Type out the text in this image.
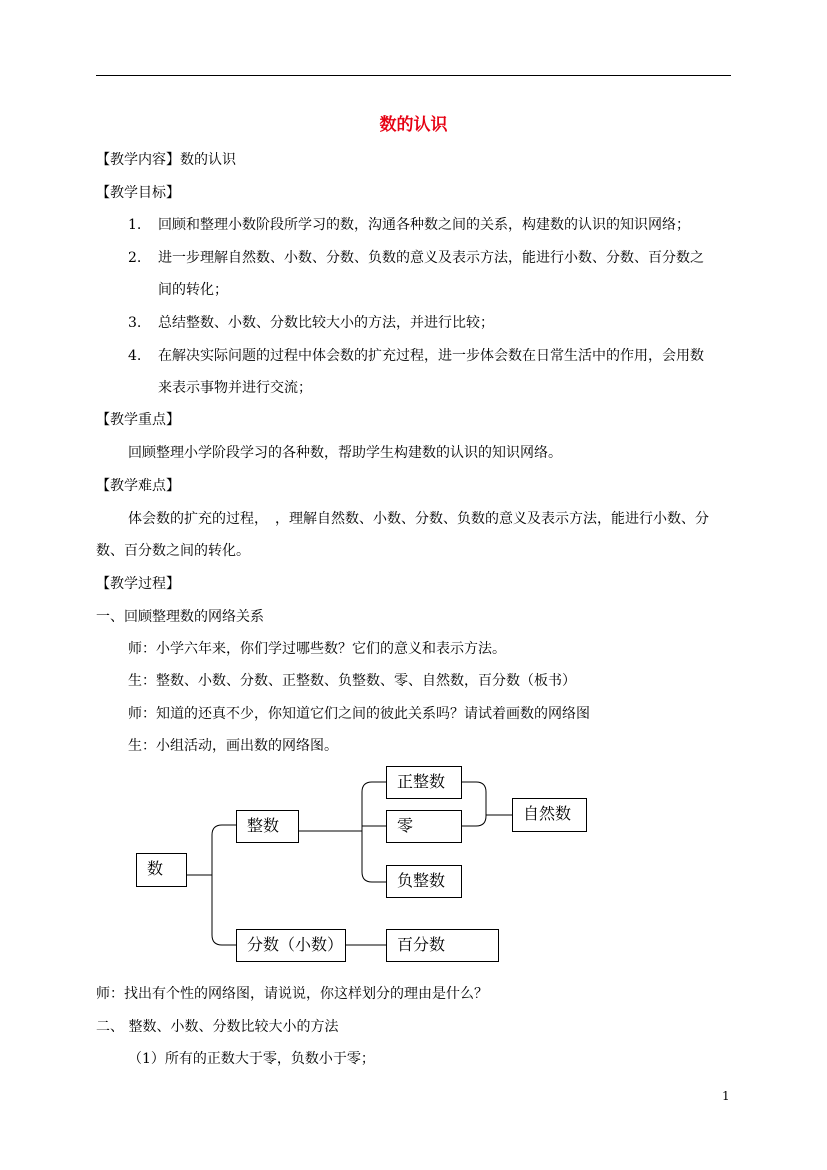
数的认识
【教学内容】数的认识
【教学目标】
1. 回顾和整理小数阶段所学习的数，沟通各种数之间的关系，构建数的认识的知识网络；
2. 进一步理解自然数、小数、分数、负数的意义及表示方法，能进行小数、分数、百分数之
间的转化；
3. 总结整数、小数、分数比较大小的方法，并进行比较；
4. 在解决实际问题的过程中体会数的扩充过程，进一步体会数在日常生活中的作用，会用数
来表示事物并进行交流；
【教学重点】
回顾整理小学阶段学习的各种数，帮助学生构建数的认识的知识网络。
【教学难点】
体会数的扩充的过程，　，理解自然数、小数、分数、负数的意义及表示方法，能进行小数、分
数、百分数之间的转化。
【教学过程】
一、回顾整理数的网络关系
师：小学六年来，你们学过哪些数？它们的意义和表示方法。
生：整数、小数、分数、正整数、负整数、零、自然数，百分数（板书）
师：知道的还真不少，你知道它们之间的彼此关系吗？请试着画数的网络图
生：小组活动，画出数的网络图。
数
整数
正整数
零
负整数
自然数
分数（小数）	百分数
师：找出有个性的网络图，请说说，你这样划分的理由是什么？
二、 整数、小数、分数比较大小的方法
（1）所有的正数大于零，负数小于零；
1
